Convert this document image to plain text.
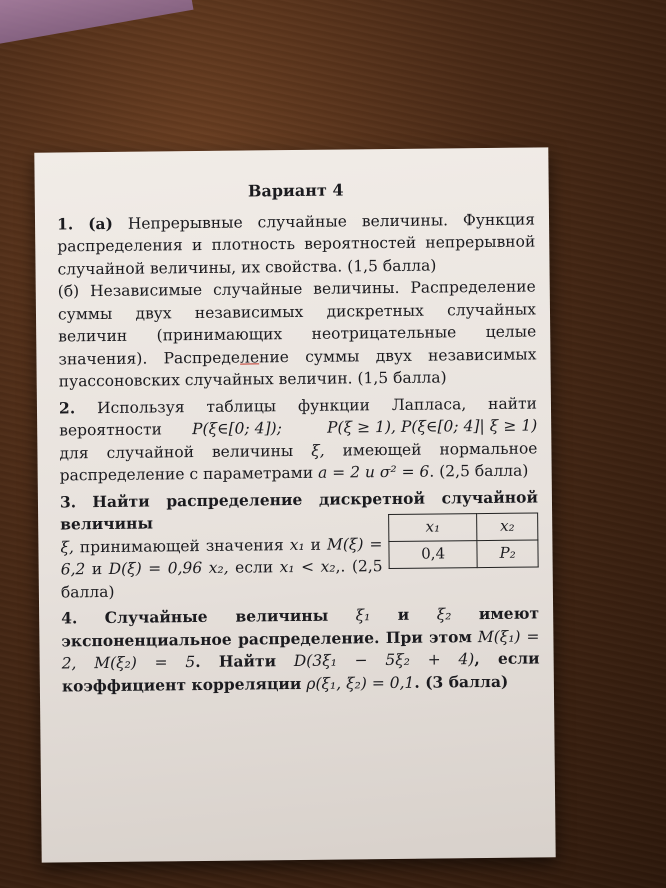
Вариант 4

1. (а) Непрерывные случайные величины. Функция распределения и плотность вероятностей непрерывной случайной величины, их свойства. (1,5 балла)

(б) Независимые случайные величины. Распределение суммы двух независимых дискретных случайных величин (принимающих неотрицательные целые значения). Распределение суммы двух независимых пуассоновских случайных величин. (1,5 балла)

2. Используя таблицы функции Лапласа, найти вероятности P(ξ∈[0; 4]);	P(ξ ≥ 1), P(ξ∈[0; 4]| ξ ≥ 1) для случайной величины ξ, имеющей нормальное распределение с параметрами a = 2 и σ² = 6. (2,5 балла)

3. Найти распределение дискретной случайной величины

ξ, принимающей значения x₁ и M(ξ) = 6,2 и D(ξ) = 0,96 x₂, если x₁ < x₂,. (2,5 балла)

x₁	x₂
0,4	P₂

4. Случайные величины ξ₁ и ξ₂ имеют экспоненциальное распределение. При этом M(ξ₁) = 2, M(ξ₂) = 5. Найти D(3ξ₁ − 5ξ₂ + 4), если коэффициент корреляции ρ(ξ₁, ξ₂) = 0,1. (3 балла)
